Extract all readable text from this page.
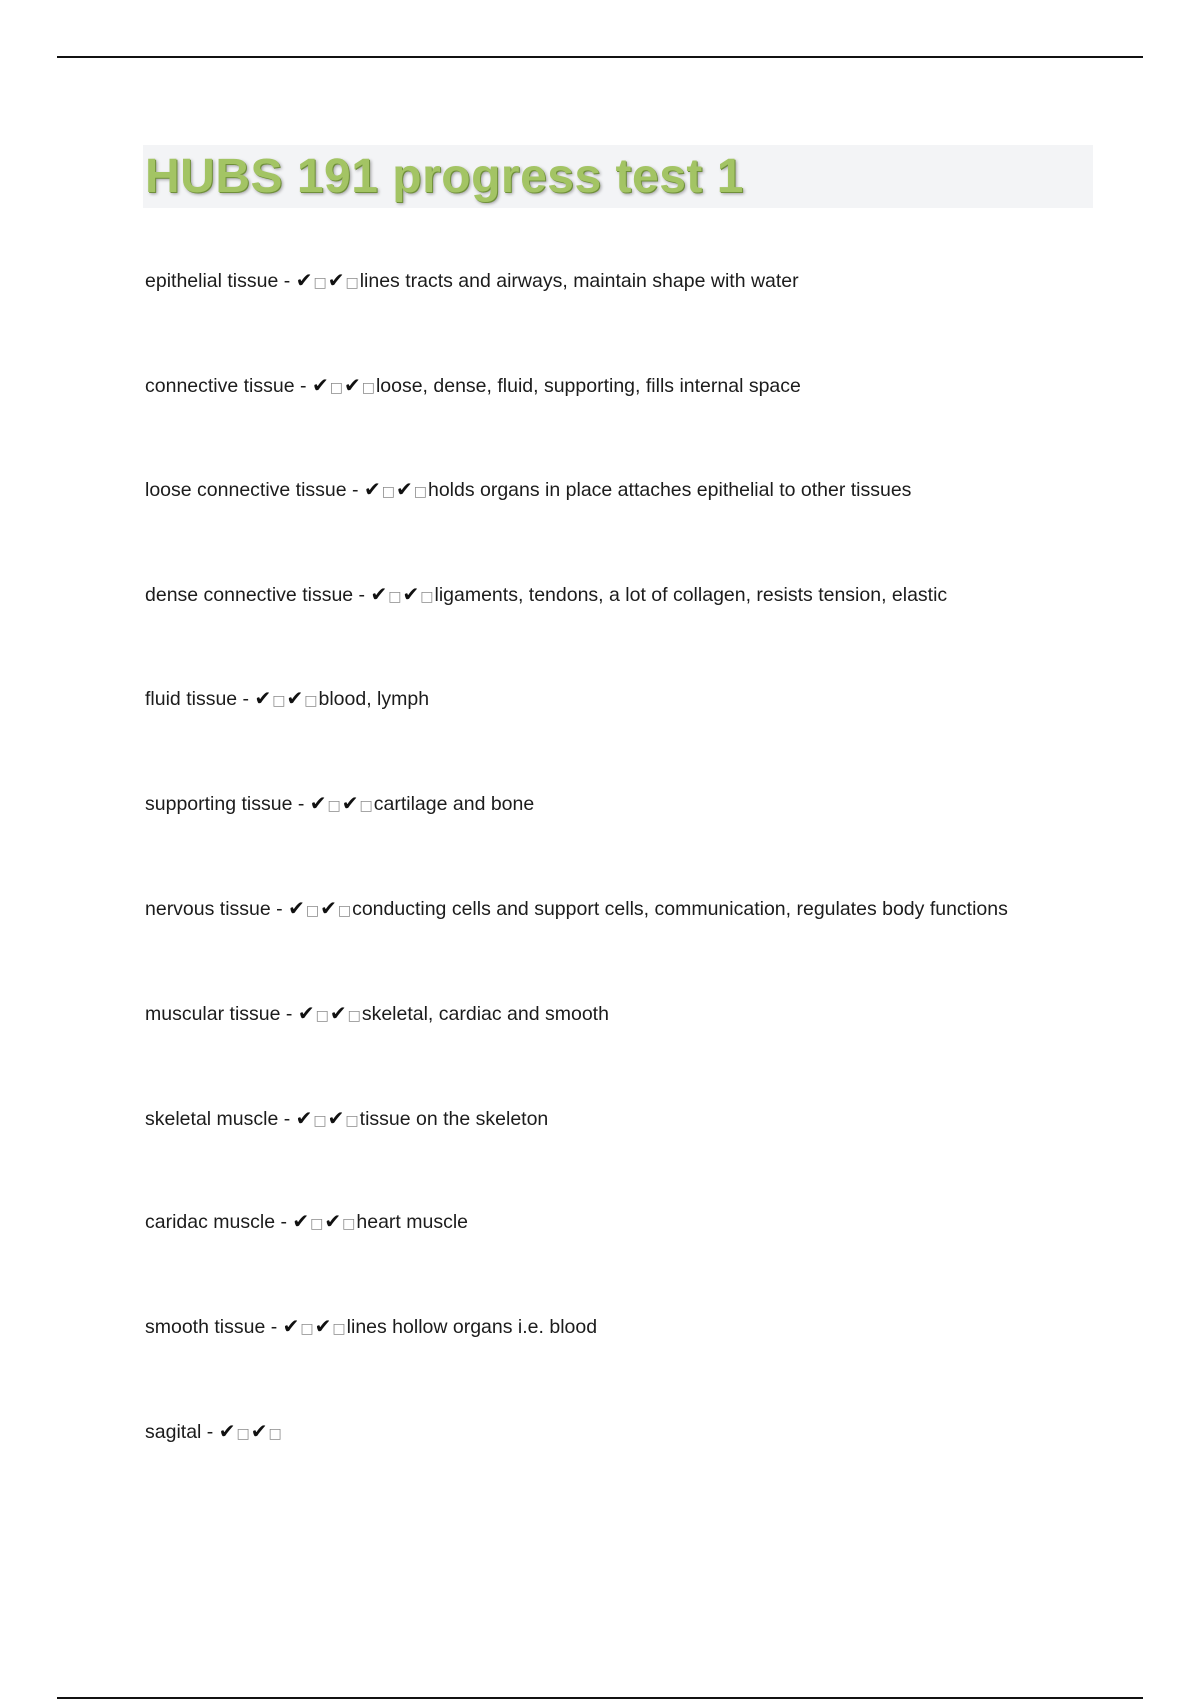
HUBS 191 progress test 1

epithelial tissue - ✔□✔□lines tracts and airways, maintain shape with water

connective tissue - ✔□✔□loose, dense, fluid, supporting, fills internal space

loose connective tissue - ✔□✔□holds organs in place attaches epithelial to other tissues

dense connective tissue - ✔□✔□ligaments, tendons, a lot of collagen, resists tension, elastic

fluid tissue - ✔□✔□blood, lymph

supporting tissue - ✔□✔□cartilage and bone

nervous tissue - ✔□✔□conducting cells and support cells, communication, regulates body functions

muscular tissue - ✔□✔□skeletal, cardiac and smooth

skeletal muscle - ✔□✔□tissue on the skeleton

caridac muscle - ✔□✔□heart muscle

smooth tissue - ✔□✔□lines hollow organs i.e. blood

sagital - ✔□✔□
